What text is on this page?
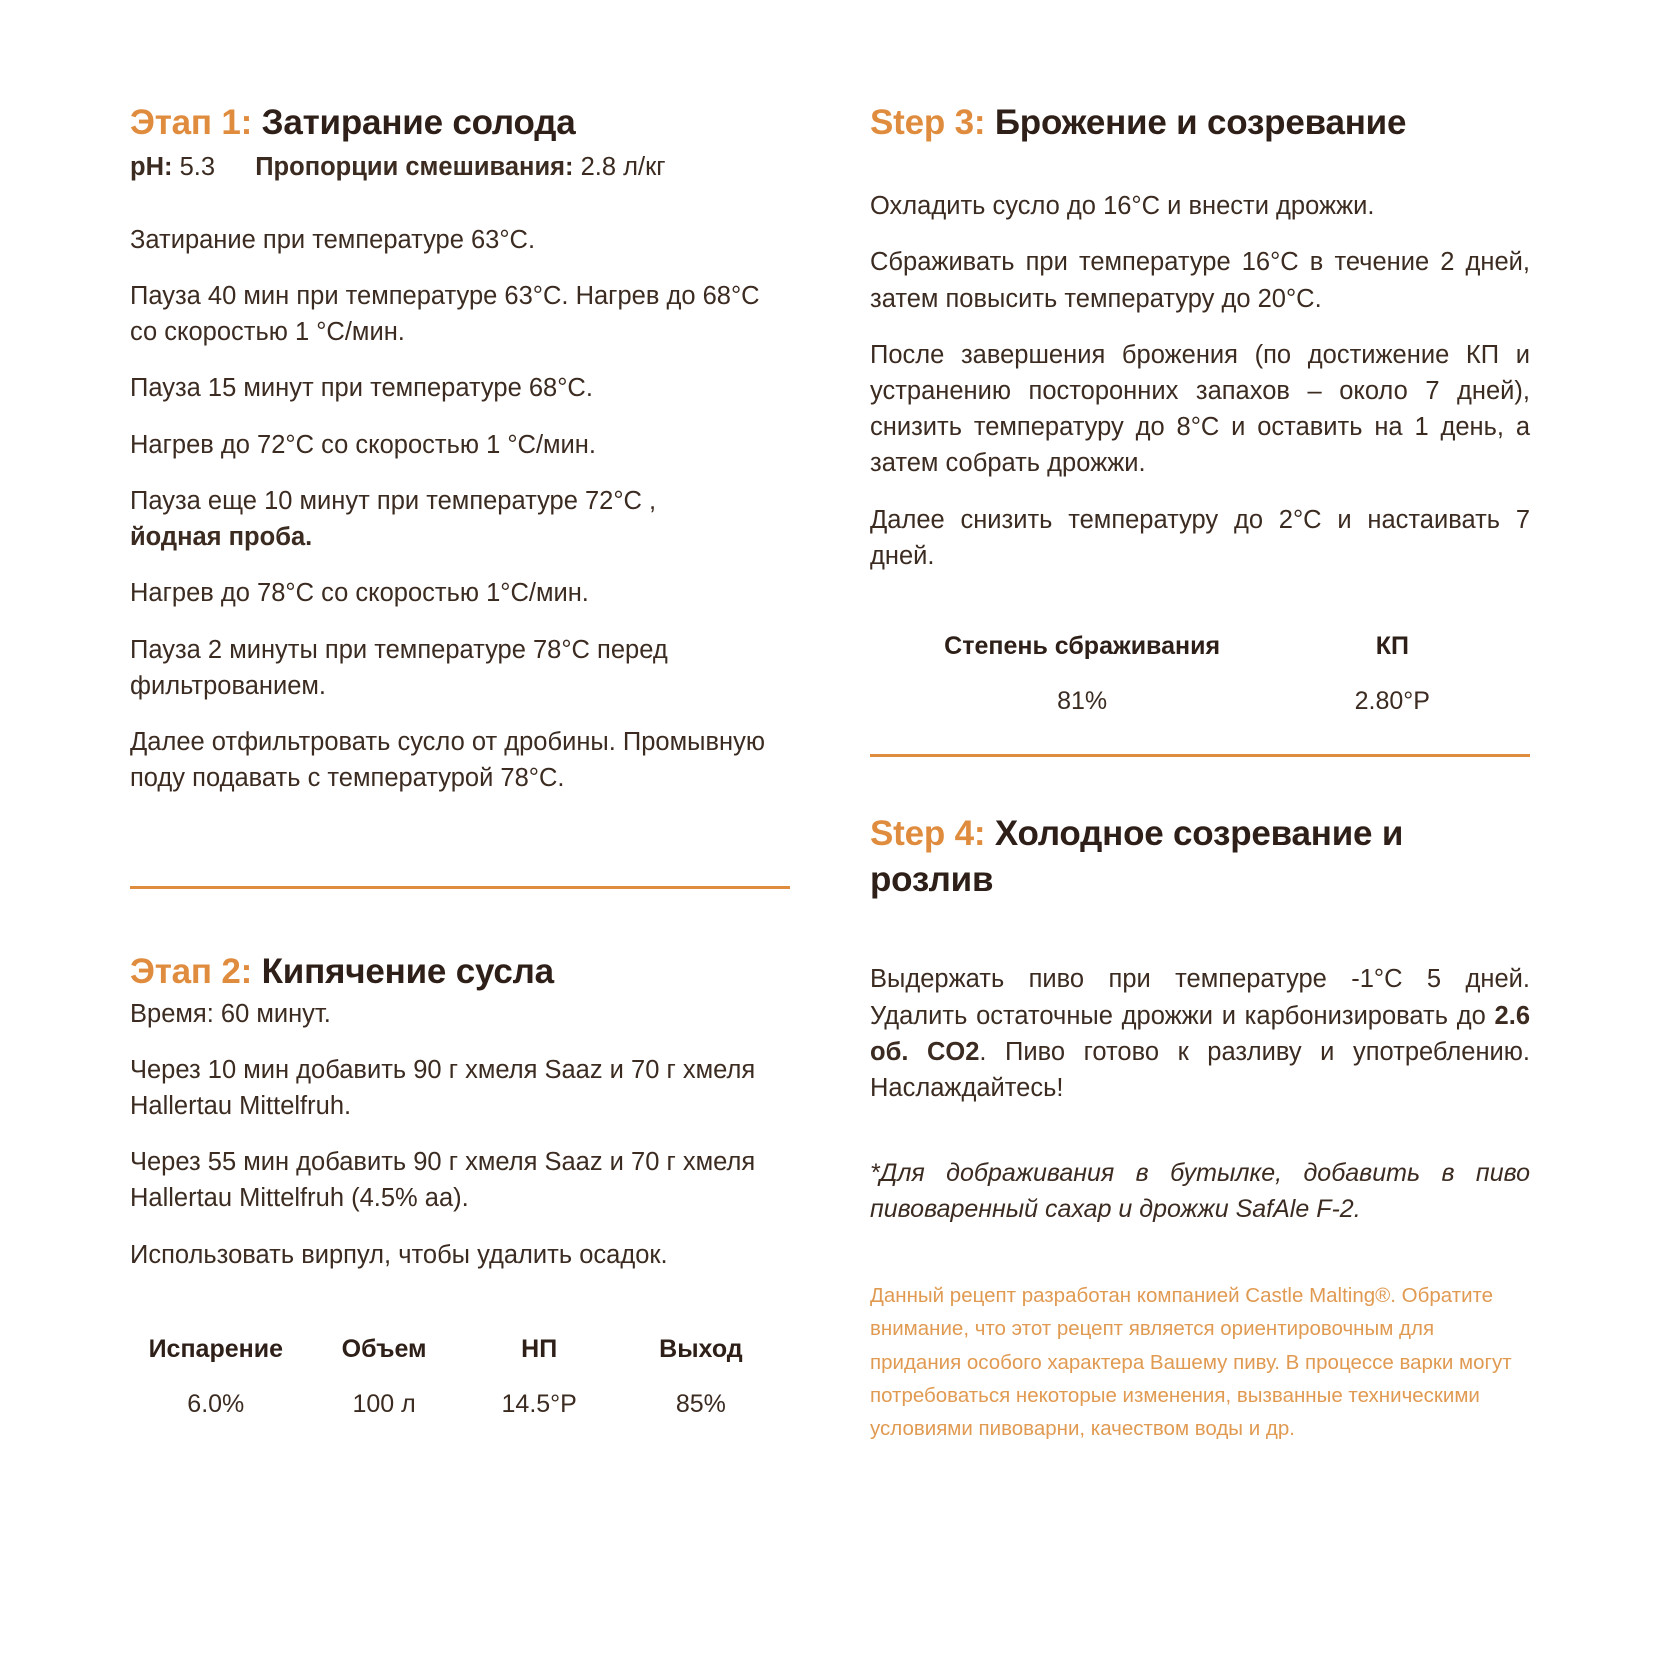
Этап 1: Затирание солода

pH: 5.3 Пропорции смешивания: 2.8 л/кг

Затирание при температуре 63°C.

Пауза 40 мин при температуре 63°C. Нагрев до 68°C со скоростью 1 °C/мин.

Пауза 15 минут при температуре 68°C.

Нагрев до 72°C со скоростью 1 °C/мин.

Пауза еще 10 минут при температуре 72°C ,
йодная проба.

Нагрев до 78°C со скоростью 1°C/мин.

Пауза 2 минуты при температуре 78°C перед фильтрованием.

Далее отфильтровать сусло от дробины. Промывную поду подавать с температурой 78°C.

Этап 2: Кипячение сусла

Время: 60 минут.

Через 10 мин добавить 90 г хмеля Saaz и 70 г хмеля Hallertau Mittelfruh.

Через 55 мин добавить 90 г хмеля Saaz и 70 г хмеля Hallertau Mittelfruh (4.5% aa).

Использовать вирпул, чтобы удалить осадок.

Испарение	Объем	НП	Выход
6.0%	100 л	14.5°P	85%
Step 3: Брожение и созревание

Охладить сусло до 16°C и внести дрожжи.

Сбраживать при температуре 16°C в течение 2 дней, затем повысить температуру до 20°C.

После завершения брожения (по достижение КП и устранению посторонних запахов – около 7 дней), снизить температуру до 8°C и оставить на 1 день, а затем собрать дрожжи.

Далее снизить температуру до 2°C и настаивать 7 дней.

Степень сбраживания	КП
81%	2.80°P
Step 4: Холодное созревание и розлив

Выдержать пиво при температуре -1°C 5 дней. Удалить остаточные дрожжи и карбонизировать до 2.6 об. CO2. Пиво готово к разливу и употреблению. Наслаждайтесь!

*Для дображивания в бутылке, добавить в пиво пивоваренный сахар и дрожжи SafAle F-2.

Данный рецепт разработан компанией Castle Malting®. Обратите внимание, что этот рецепт является ориентировочным для придания особого характера Вашему пиву. В процессе варки могут потребоваться некоторые изменения, вызванные техническими условиями пивоварни, качеством воды и др.
